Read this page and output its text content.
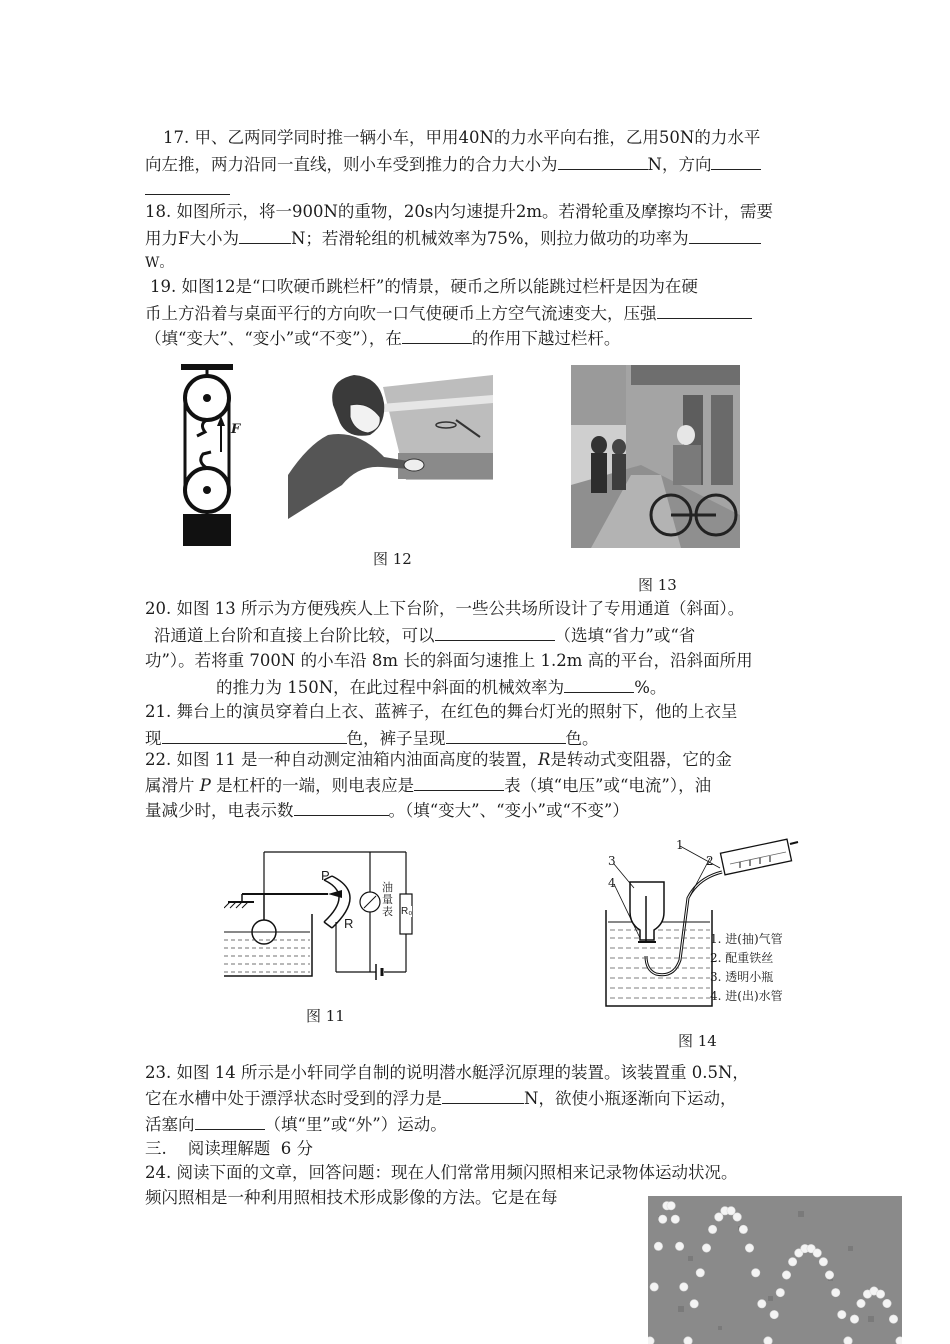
17. 甲、乙两同学同时推一辆小车，甲用40N的力水平向右推，乙用50N的力水平
向左推，两力沿同一直线，则小车受到推力的合力大小为	N，方向
18. 如图所示，将一900N的重物，20s内匀速提升2m。若滑轮重及摩擦均不计，需要
用力F大小为	N；若滑轮组的机械效率为75%，则拉力做功的功率为
W。
19. 如图12是“口吹硬币跳栏杆”的情景，硬币之所以能跳过栏杆是因为在硬
币上方沿着与桌面平行的方向吹一口气使硬币上方空气流速变大，压强
（填“变大”、“变小”或“不变”），在	的作用下越过栏杆。
F
图 12
图 13
20. 如图 13 所示为方便残疾人上下台阶，一些公共场所设计了专用通道（斜面）。
沿通道上台阶和直接上台阶比较，可以	（选填“省力”或“省
功”）。若将重 700N 的小车沿 8m 长的斜面匀速推上 1.2m 高的平台，沿斜面所用
的推力为 150N，在此过程中斜面的机械效率为	%。
21. 舞台上的演员穿着白上衣、蓝裤子，在红色的舞台灯光的照射下，他的上衣呈
现	色，裤子呈现	色。
22. 如图 11 是一种自动测定油箱内油面高度的装置，R是转动式变阻器，它的金
属滑片 P 是杠杆的一端，则电表应是	表（填“电压”或“电流”），油
量减少时，电表示数	。（填“变大”、“变小”或“不变”）
P
R
R₀
油量表
图 11
1
2
3
4
1. 进(抽)气管
2. 配重铁丝
3. 透明小瓶
4. 进(出)水管
图 14
23. 如图 14 所示是小轩同学自制的说明潜水艇浮沉原理的装置。该装置重 0.5N，
它在水槽中处于漂浮状态时受到的浮力是	N，欲使小瓶逐渐向下运动，
活塞向	（填“里”或“外”）运动。
三.    阅读理解题  6 分
24. 阅读下面的文章，回答问题：现在人们常常用频闪照相来记录物体运动状况。
频闪照相是一种利用照相技术形成影像的方法。它是在每
